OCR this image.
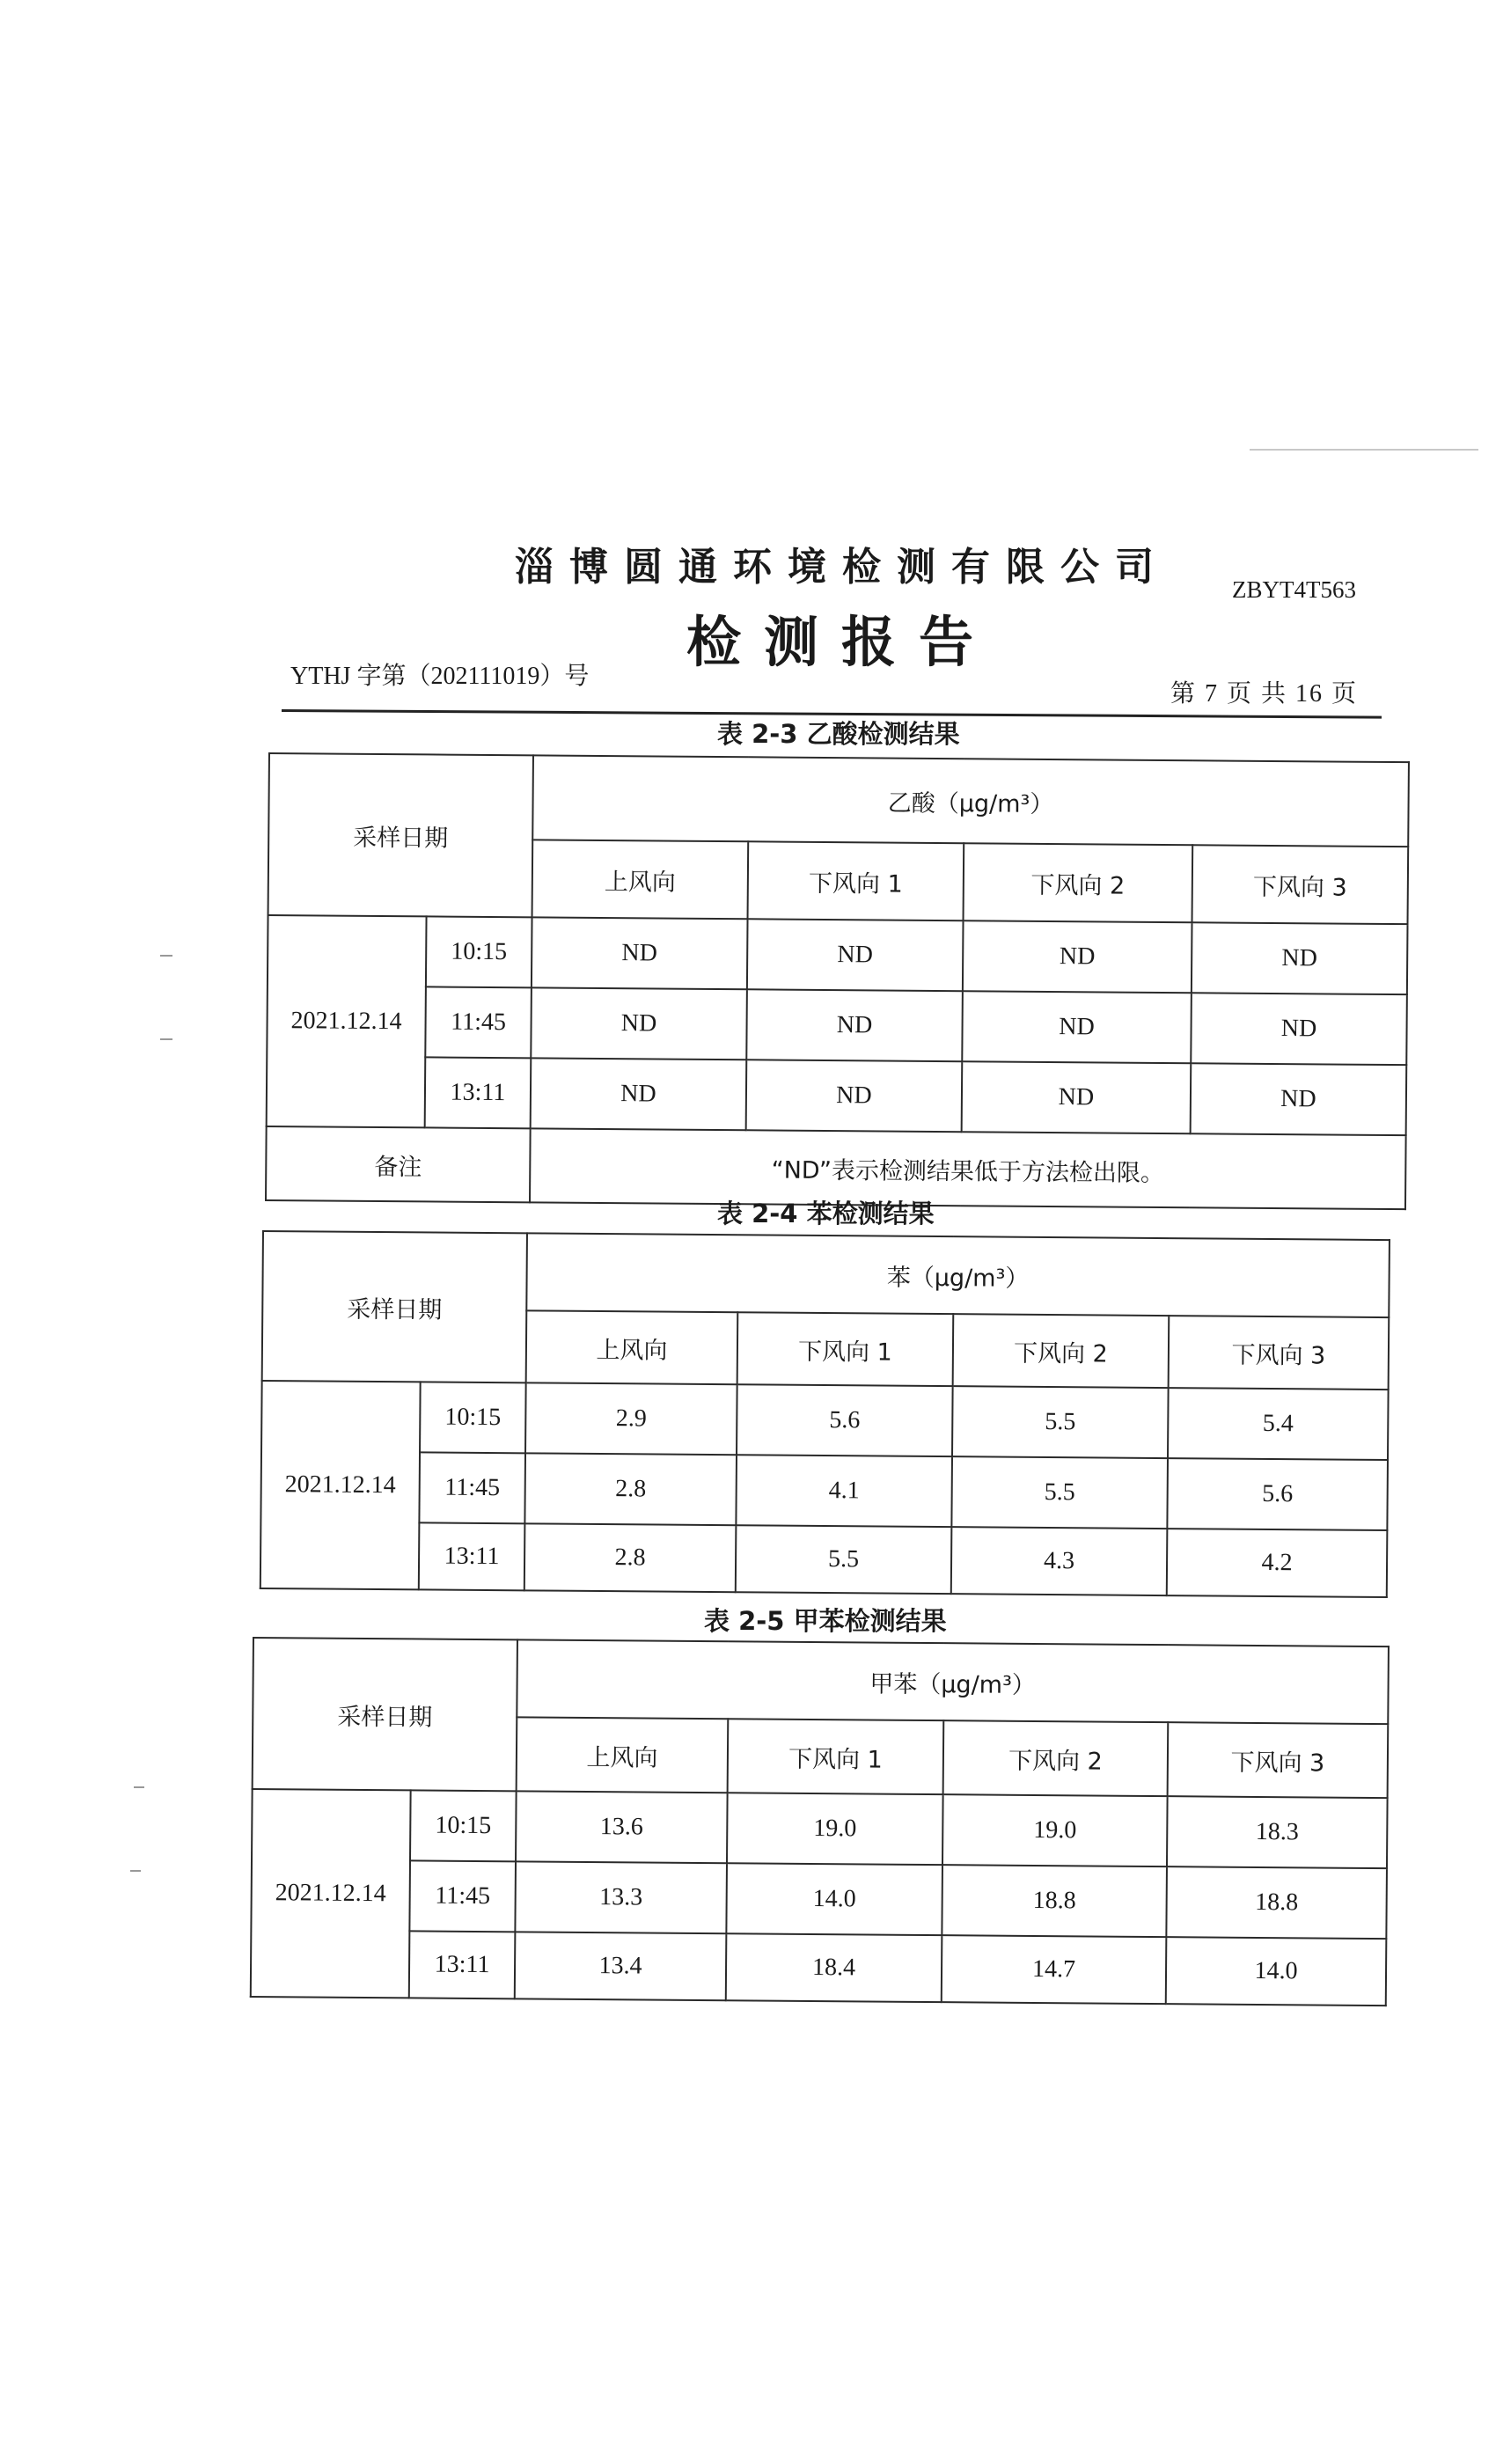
淄博圆通环境检测有限公司	ZBYT4T563
检测报告
YTHJ 字第（202111019）号
第 7 页 共 16 页
表 2-3 乙酸检测结果
采样日期		乙酸（μg/m³）			
		上风向	下风向 1	下风向 2	下风向 3
2021.12.14	10:15	ND	ND	ND	ND
	11:45	ND	ND	ND	ND
	13:11	ND	ND	ND	ND
备注		“ND”表示检测结果低于方法检出限。			
表 2-4 苯检测结果
采样日期		苯（μg/m³）			
		上风向	下风向 1	下风向 2	下风向 3
2021.12.14	10:15	2.9	5.6	5.5	5.4
	11:45	2.8	4.1	5.5	5.6
	13:11	2.8	5.5	4.3	4.2
表 2-5 甲苯检测结果
采样日期		甲苯（μg/m³）			
		上风向	下风向 1	下风向 2	下风向 3
2021.12.14	10:15	13.6	19.0	19.0	18.3
	11:45	13.3	14.0	18.8	18.8
	13:11	13.4	18.4	14.7	14.0
